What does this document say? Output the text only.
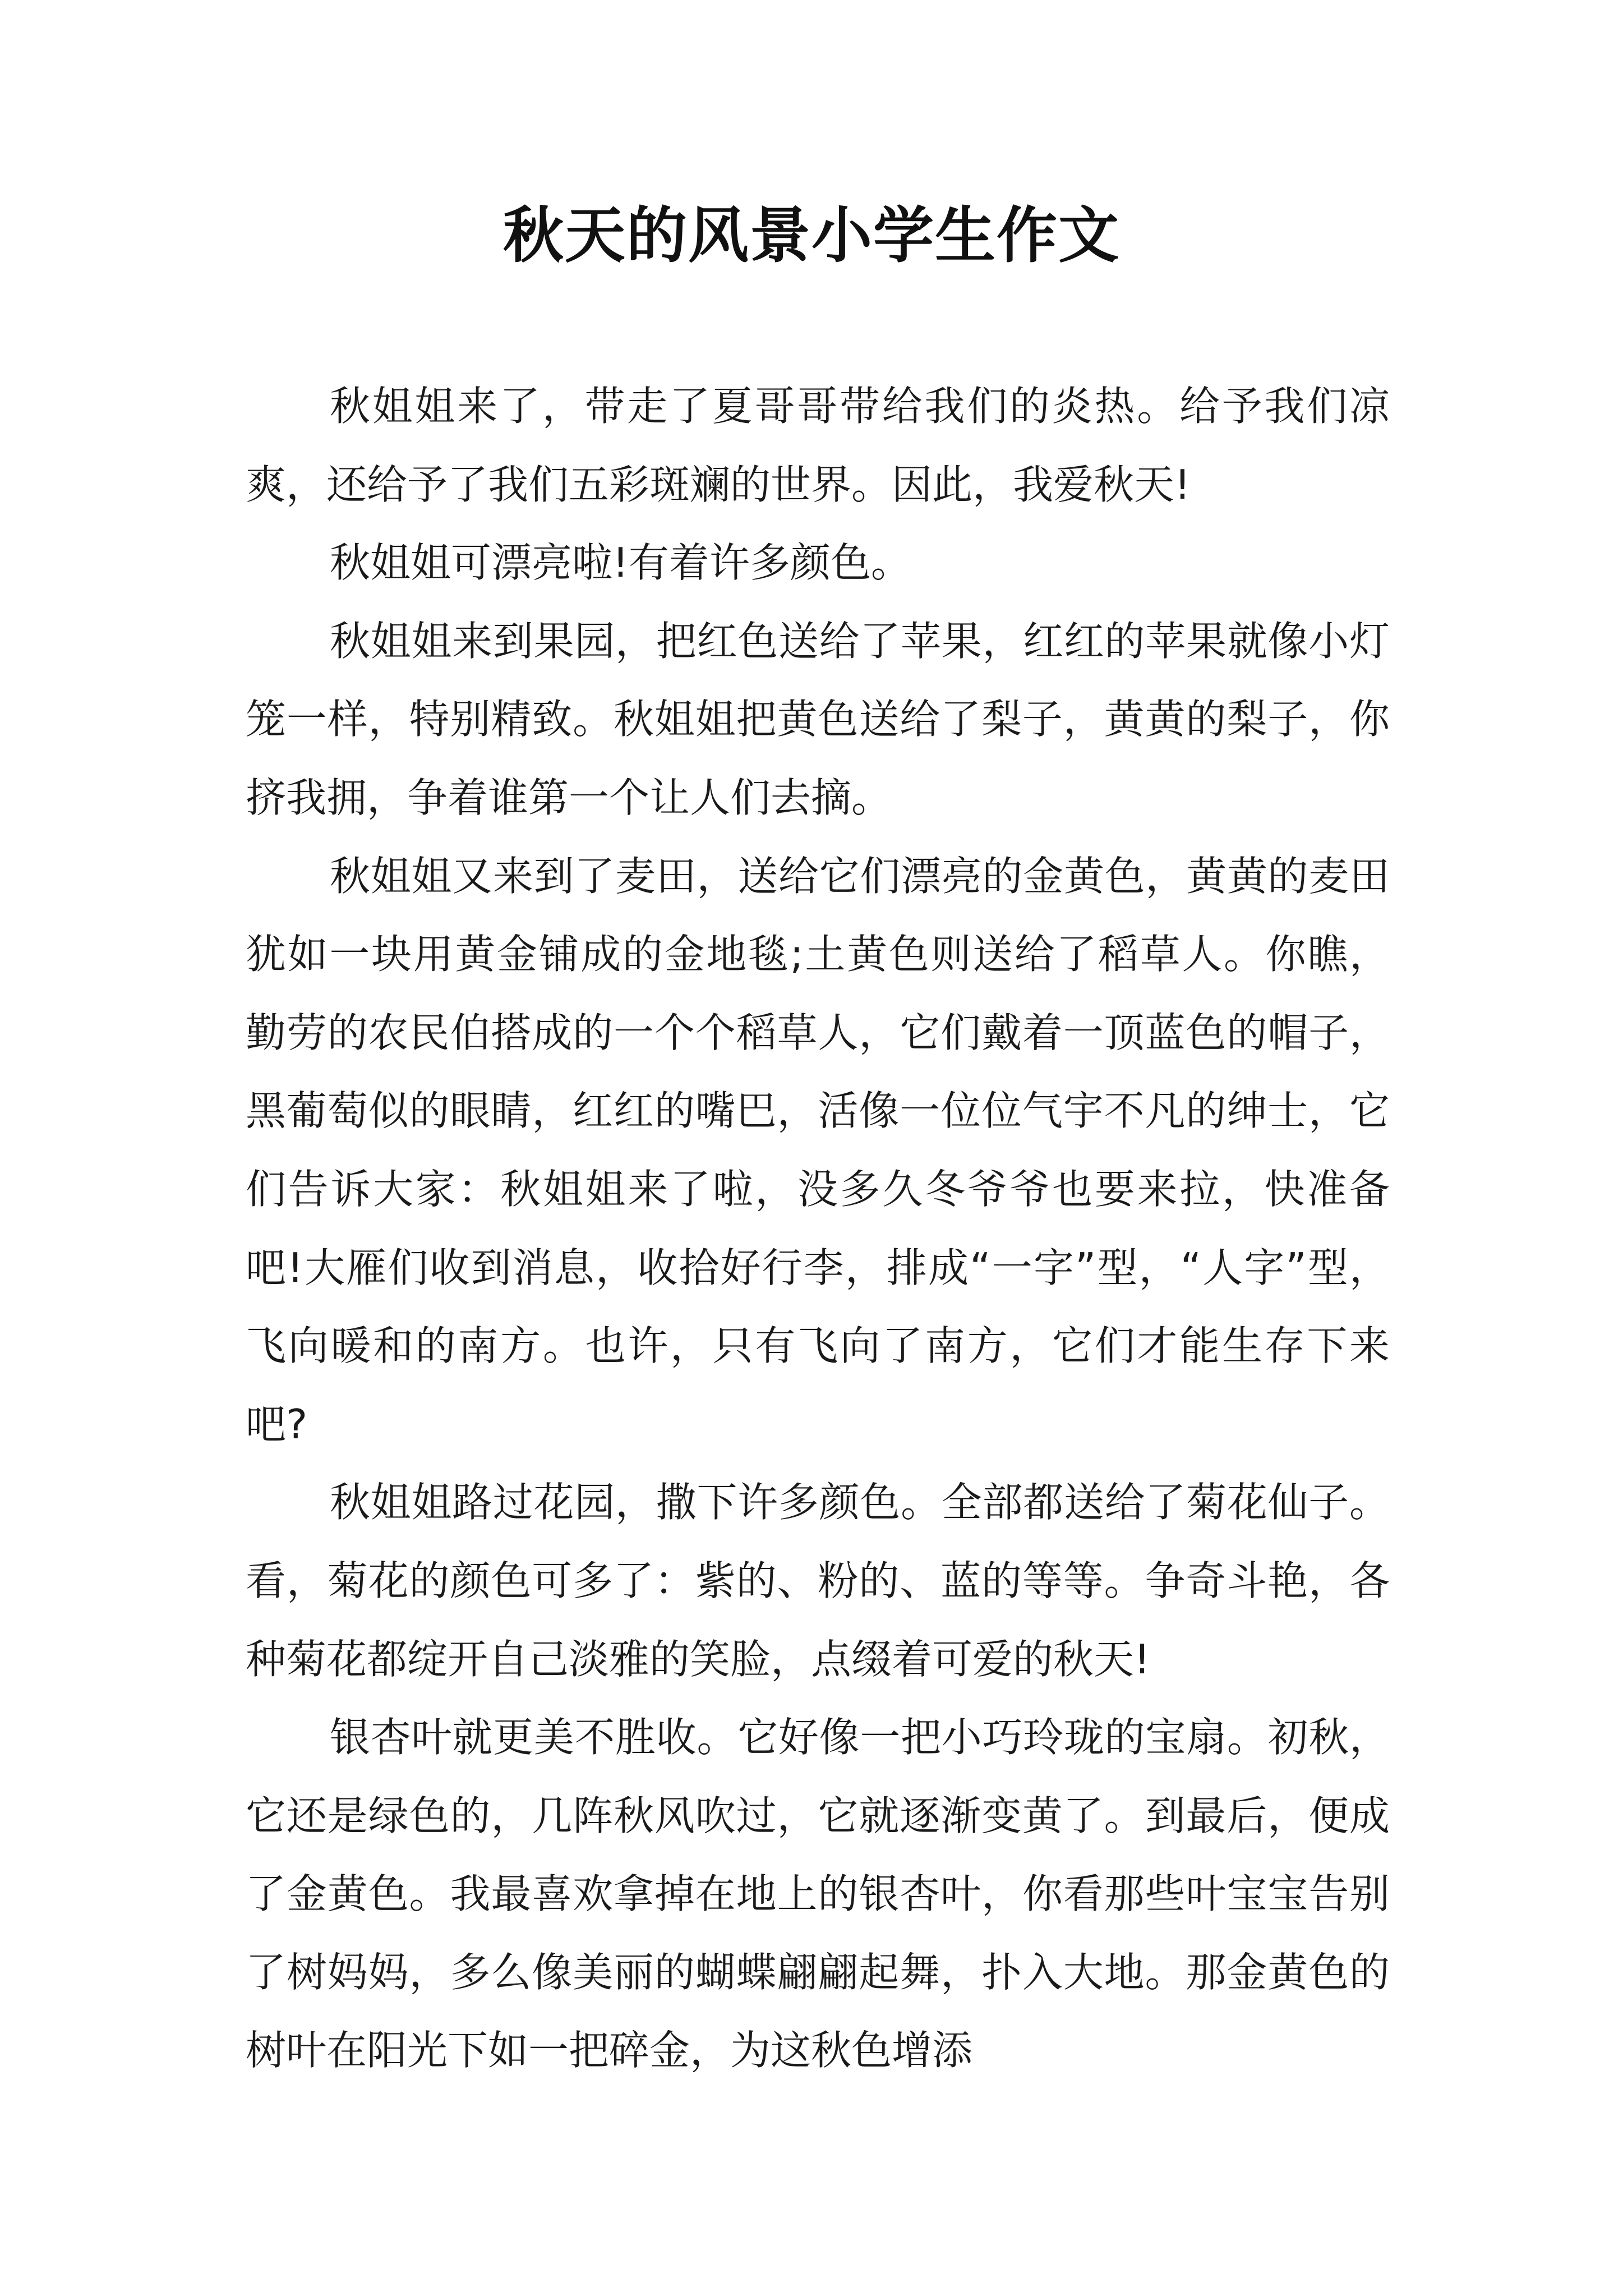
秋天的风景小学生作文

秋姐姐来了，带走了夏哥哥带给我们的炎热。给予我们凉爽，还给予了我们五彩斑斓的世界。因此，我爱秋天!

秋姐姐可漂亮啦!有着许多颜色。

秋姐姐来到果园，把红色送给了苹果，红红的苹果就像小灯笼一样，特别精致。秋姐姐把黄色送给了梨子，黄黄的梨子，你挤我拥，争着谁第一个让人们去摘。

秋姐姐又来到了麦田，送给它们漂亮的金黄色，黄黄的麦田犹如一块用黄金铺成的金地毯;土黄色则送给了稻草人。你瞧，勤劳的农民伯搭成的一个个稻草人，它们戴着一顶蓝色的帽子，黑葡萄似的眼睛，红红的嘴巴，活像一位位气宇不凡的绅士，它们告诉大家：秋姐姐来了啦，没多久冬爷爷也要来拉，快准备吧!大雁们收到消息，收拾好行李，排成“一字”型，“人字”型，飞向暖和的南方。也许，只有飞向了南方，它们才能生存下来吧?

秋姐姐路过花园，撒下许多颜色。全部都送给了菊花仙子。看，菊花的颜色可多了：紫的、粉的、蓝的等等。争奇斗艳，各种菊花都绽开自己淡雅的笑脸，点缀着可爱的秋天!

银杏叶就更美不胜收。它好像一把小巧玲珑的宝扇。初秋，它还是绿色的，几阵秋风吹过，它就逐渐变黄了。到最后，便成了金黄色。我最喜欢拿掉在地上的银杏叶，你看那些叶宝宝告别了树妈妈，多么像美丽的蝴蝶翩翩起舞，扑入大地。那金黄色的树叶在阳光下如一把碎金，为这秋色增添
